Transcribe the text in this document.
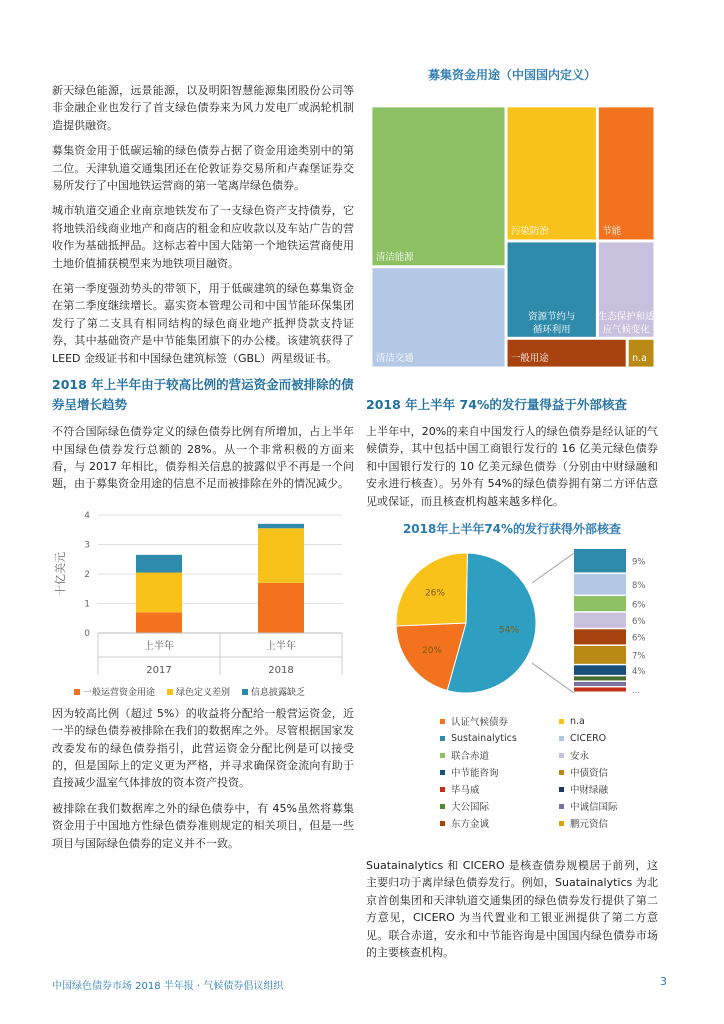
新天绿色能源，远景能源，以及明阳智慧能源集团股份公司等非金融企业也发行了首支绿色债券来为风力发电厂或涡轮机制造提供融资。

募集资金用于低碳运输的绿色债券占据了资金用途类别中的第二位。天津轨道交通集团还在伦敦证券交易所和卢森堡证券交易所发行了中国地铁运营商的第一笔离岸绿色债券。

城市轨道交通企业南京地铁发布了一支绿色资产支持债券，它将地铁沿线商业地产和商店的租金和应收款以及车站广告的营收作为基础抵押品。这标志着中国大陆第一个地铁运营商使用土地价值捕获模型来为地铁项目融资。

在第一季度强劲势头的带领下，用于低碳建筑的绿色募集资金在第二季度继续增长。嘉实资本管理公司和中国节能环保集团发行了第二支具有相同结构的绿色商业地产抵押贷款支持证券，其中基础资产是中节能集团旗下的办公楼。该建筑获得了 LEED 金级证书和中国绿色建筑标签（GBL）两星级证书。

2018 年上半年由于较高比例的营运资金而被排除的债券呈增长趋势

不符合国际绿色债券定义的绿色债券比例有所增加，占上半年中国绿色债券发行总额的 28%。从一个非常积极的方面来看，与 2017 年相比，债券相关信息的披露似乎不再是一个问题，由于募集资金用途的信息不足而被排除在外的情况减少。

0
1
2
3
4
十亿美元
上半年
2017
上半年
2018
一般运营资金用途 绿色定义差别 信息披露缺乏

因为较高比例（超过 5%）的收益将分配给一般营运资金，近一半的绿色债券被排除在我们的数据库之外。尽管根据国家发改委发布的绿色债券指引，此营运资金分配比例是可以接受的，但是国际上的定义更为严格，并寻求确保资金流向有助于直接减少温室气体排放的资本资产投资。

被排除在我们数据库之外的绿色债券中，有 45%虽然将募集资金用于中国地方性绿色债券准则规定的相关项目，但是一些项目与国际绿色债券的定义并不一致。

募集资金用途（中国国内定义）
清洁能源
污染防治	节能
资源节约与循环利用
生态保护和适应气候变化
清洁交通	一般用途	n.a
2018 年上半年 74%的发行量得益于外部核查

上半年中，20%的来自中国发行人的绿色债券是经认证的气候债券，其中包括中国工商银行发行的 16 亿美元绿色债券和中国银行发行的 10 亿美元绿色债券（分别由中财绿融和安永进行核查）。另外有 54%的绿色债券拥有第二方评估意见或保证，而且核查机构越来越多样化。

2018年上半年74%的发行获得外部核查
54%
20%
26%
9%
8%
6%
6%
6%
7%
4%
...
认证气候债券	n.a
Sustainalytics	CICERO
联合赤道	安永
中节能咨询	中债资信
毕马威	中财绿融
大公国际	中诚信国际
东方金诚	鹏元资信

Suatainalytics 和 CICERO 是核查债券规模居于前列，这主要归功于离岸绿色债券发行。例如，Suatainalytics 为北京首创集团和天津轨道交通集团的绿色债券发行提供了第二方意见，CICERO 为当代置业和工银亚洲提供了第二方意见。联合赤道，安永和中节能咨询是中国国内绿色债券市场的主要核查机构。

中国绿色债券市场 2018 半年报 · 气候债券倡议组织	3
